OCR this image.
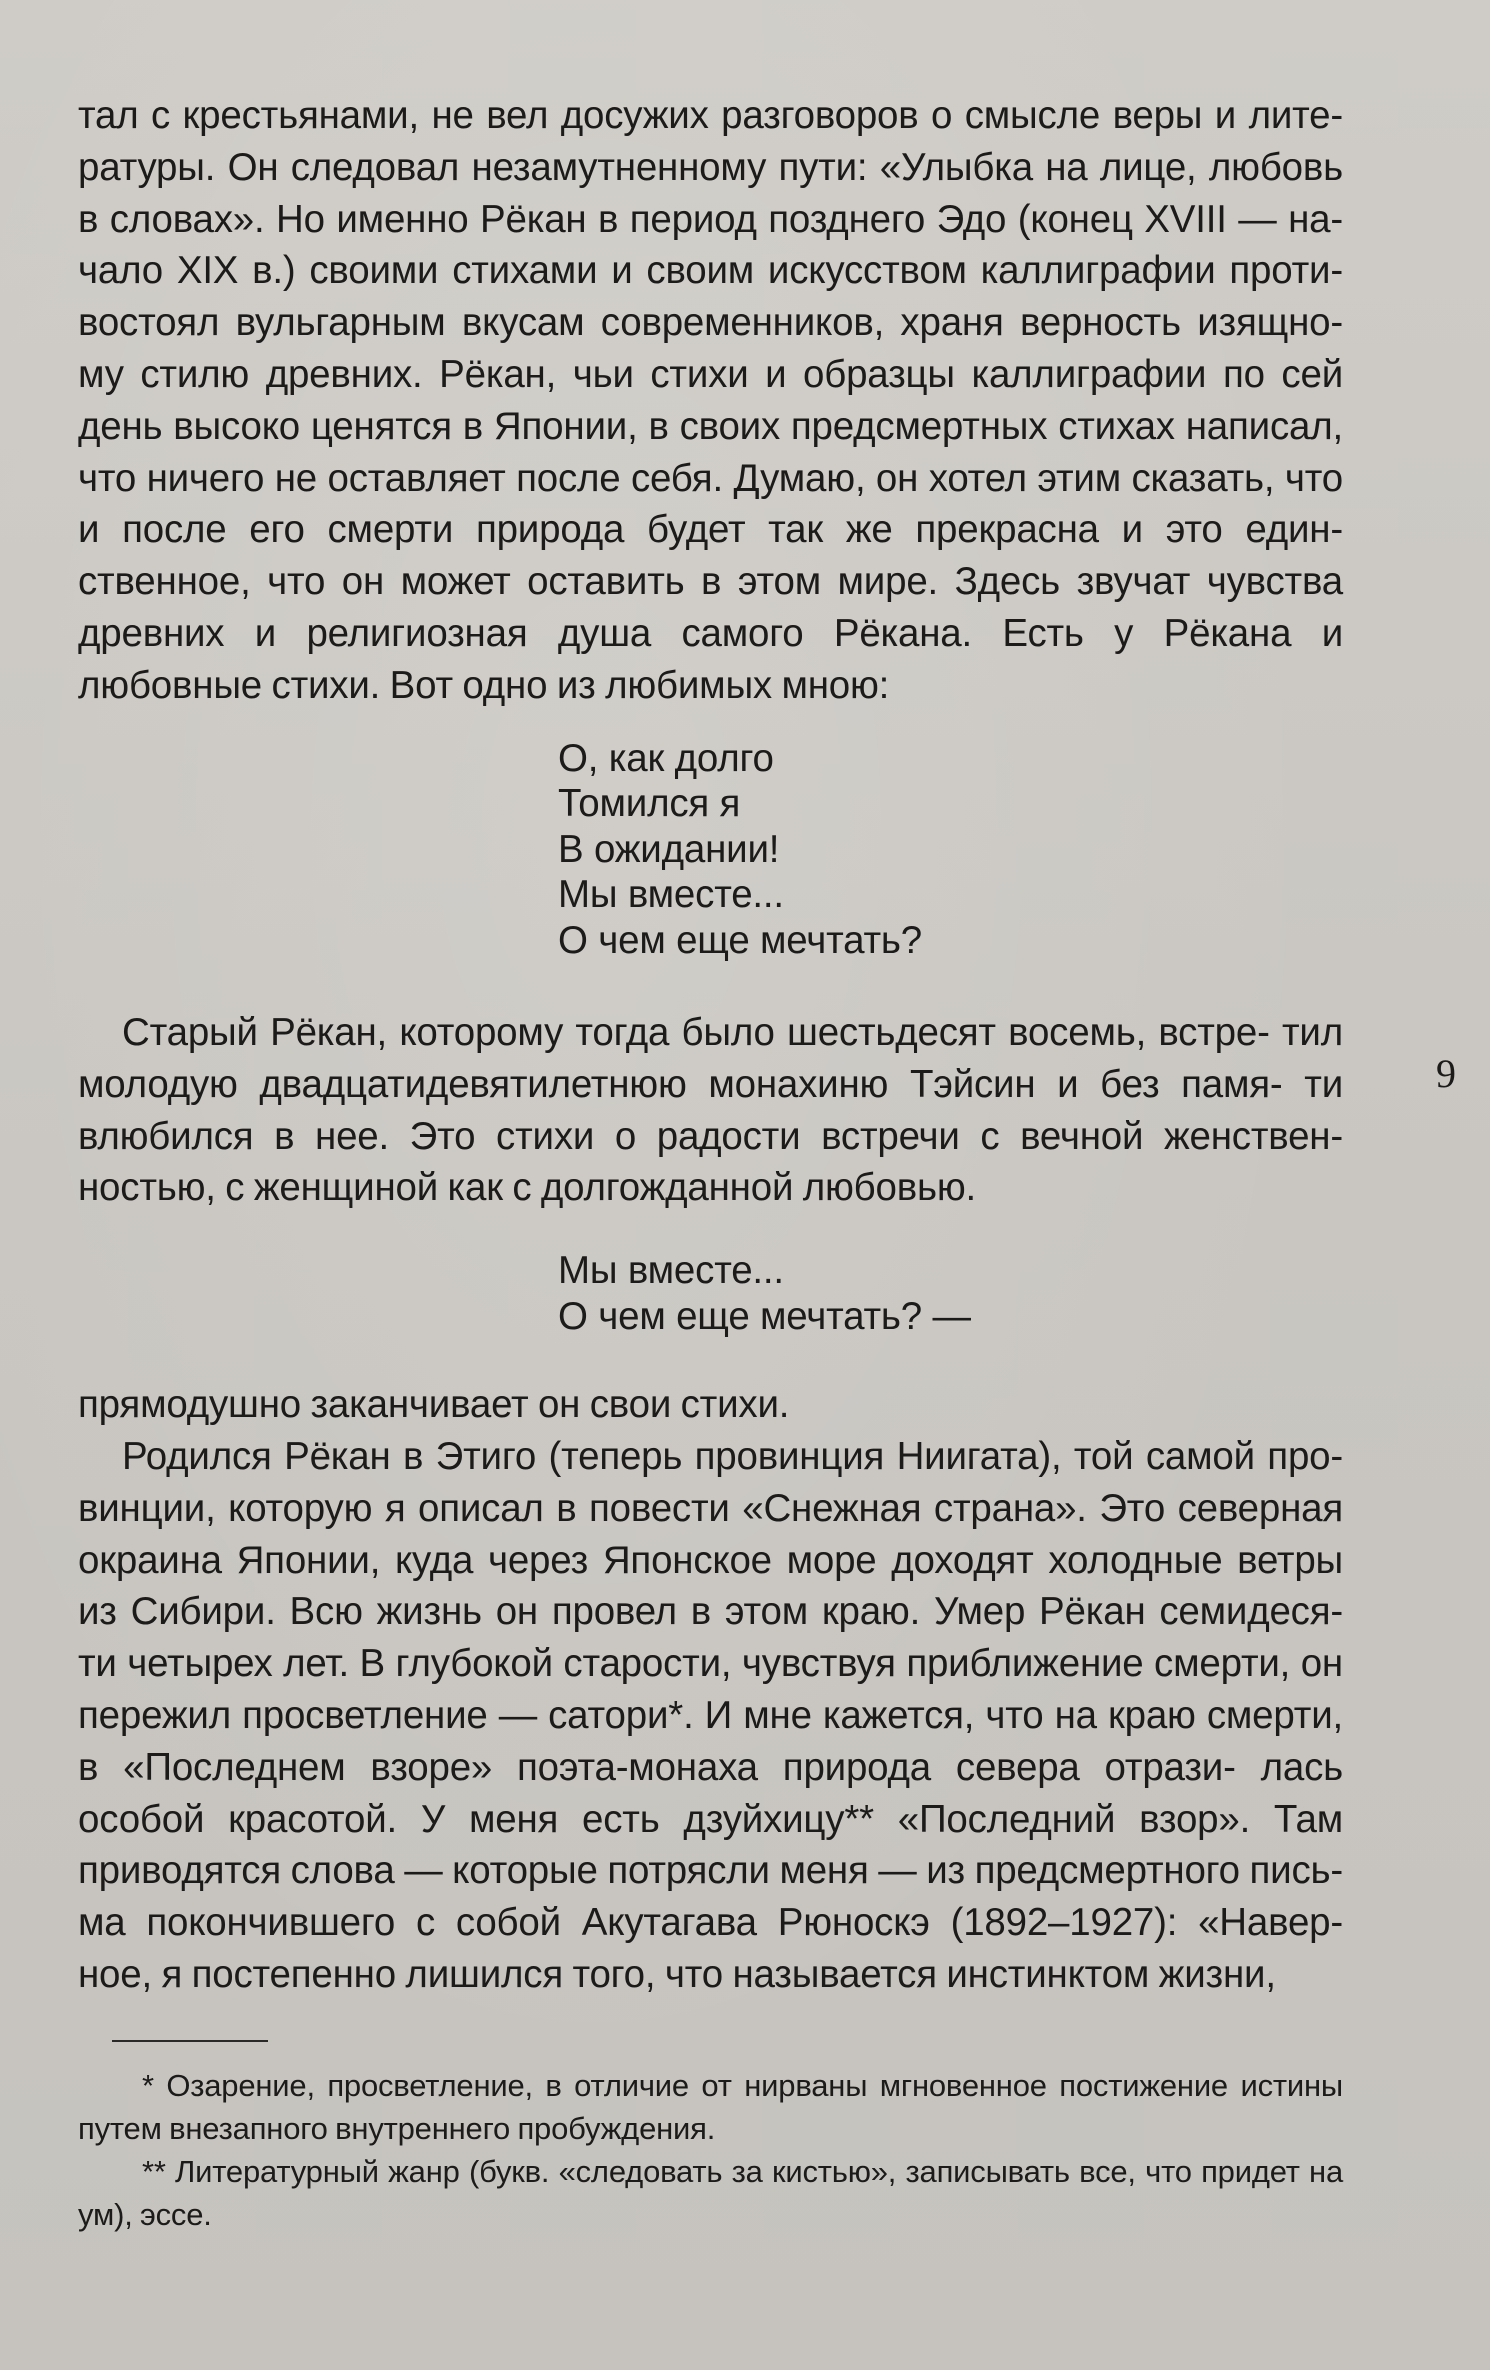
тал с крестьянами, не вел досужих разговоров о смысле веры и лите- ратуры. Он следовал незамутненному пути: «Улыбка на лице, любовь в словах». Но именно Рёкан в период позднего Эдо (конец XVIII — на- чало XIX в.) своими стихами и своим искусством каллиграфии проти- востоял вульгарным вкусам современников, храня верность изящно- му стилю древних. Рёкан, чьи стихи и образцы каллиграфии по сей день высоко ценятся в Японии, в своих предсмертных стихах написал, что ничего не оставляет после себя. Думаю, он хотел этим сказать, что и после его смерти природа будет так же прекрасна и это един- ственное, что он может оставить в этом мире. Здесь звучат чувства древних и религиозная душа самого Рёкана. Есть у Рёкана и любовные стихи. Вот одно из любимых мною:

О, как долго
Томился я
В ожидании!
Мы вместе...
О чем еще мечтать?

Старый Рёкан, которому тогда было шестьдесят восемь, встре- тил молодую двадцатидевятилетнюю монахиню Тэйсин и без памя- ти влюбился в нее. Это стихи о радости встречи с вечной женствен- ностью, с женщиной как с долгожданной любовью.

Мы вместе...
О чем еще мечтать? —

прямодушно заканчивает он свои стихи.

Родился Рёкан в Этиго (теперь провинция Ниигата), той самой про- винции, которую я описал в повести «Снежная страна». Это северная окраина Японии, куда через Японское море доходят холодные ветры из Сибири. Всю жизнь он провел в этом краю. Умер Рёкан семидеся- ти четырех лет. В глубокой старости, чувствуя приближение смерти, он пережил просветление — сатори*. И мне кажется, что на краю смерти, в «Последнем взоре» поэта-монаха природа севера отрази- лась особой красотой. У меня есть дзуйхицу** «Последний взор». Там приводятся слова — которые потрясли меня — из предсмертного пись- ма покончившего с собой Акутагава Рюноскэ (1892–1927): «Навер- ное, я постепенно лишился того, что называется инстинктом жизни,

9

* Озарение, просветление, в отличие от нирваны мгновенное постижение истины путем внезапного внутреннего пробуждения.

** Литературный жанр (букв. «следовать за кистью», записывать все, что придет на ум), эссе.
